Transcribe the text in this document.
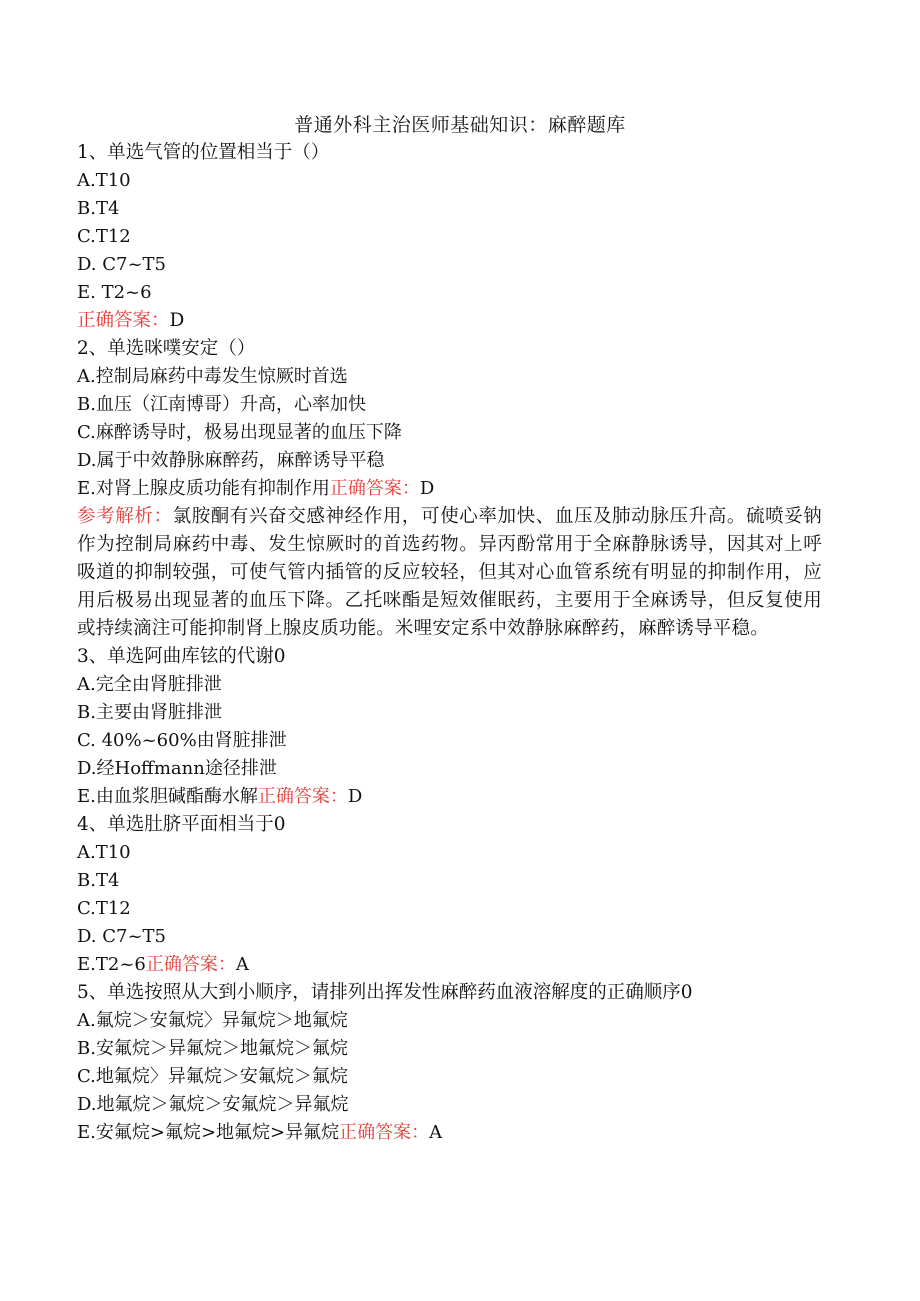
普通外科主治医师基础知识：麻醉题库
1、单选气管的位置相当于（）
A.T10
B.T4
C.T12
D. C7~T5
E. T2~6
正确答案：D
2、单选咪噗安定（）
A.控制局麻药中毒发生惊厥时首选
B.血压（江南博哥）升高，心率加快
C.麻醉诱导时，极易出现显著的血压下降
D.属于中效静脉麻醉药，麻醉诱导平稳
E.对肾上腺皮质功能有抑制作用正确答案：D
参考解析：氯胺酮有兴奋交感神经作用，可使心率加快、血压及肺动脉压升高。硫喷妥钠作为控制局麻药中毒、发生惊厥时的首选药物。异丙酚常用于全麻静脉诱导，因其对上呼吸道的抑制较强，可使气管内插管的反应较轻，但其对心血管系统有明显的抑制作用，应用后极易出现显著的血压下降。乙托咪酯是短效催眠药，主要用于全麻诱导，但反复使用或持续滴注可能抑制肾上腺皮质功能。米哩安定系中效静脉麻醉药，麻醉诱导平稳。
3、单选阿曲库铉的代谢0
A.完全由肾脏排泄
B.主要由肾脏排泄
C. 40%~60%由肾脏排泄
D.经Hoffmann途径排泄
E.由血浆胆碱酯酶水解正确答案：D
4、单选肚脐平面相当于0
A.T10
B.T4
C.T12
D. C7~T5
E.T2~6正确答案：A
5、单选按照从大到小顺序，请排列出挥发性麻醉药血液溶解度的正确顺序0
A.氟烷＞安氟烷〉异氟烷＞地氟烷
B.安氟烷＞异氟烷＞地氟烷＞氟烷
C.地氟烷〉异氟烷＞安氟烷＞氟烷
D.地氟烷＞氟烷＞安氟烷＞异氟烷
E.安氟烷>氟烷>地氟烷>异氟烷正确答案：A
